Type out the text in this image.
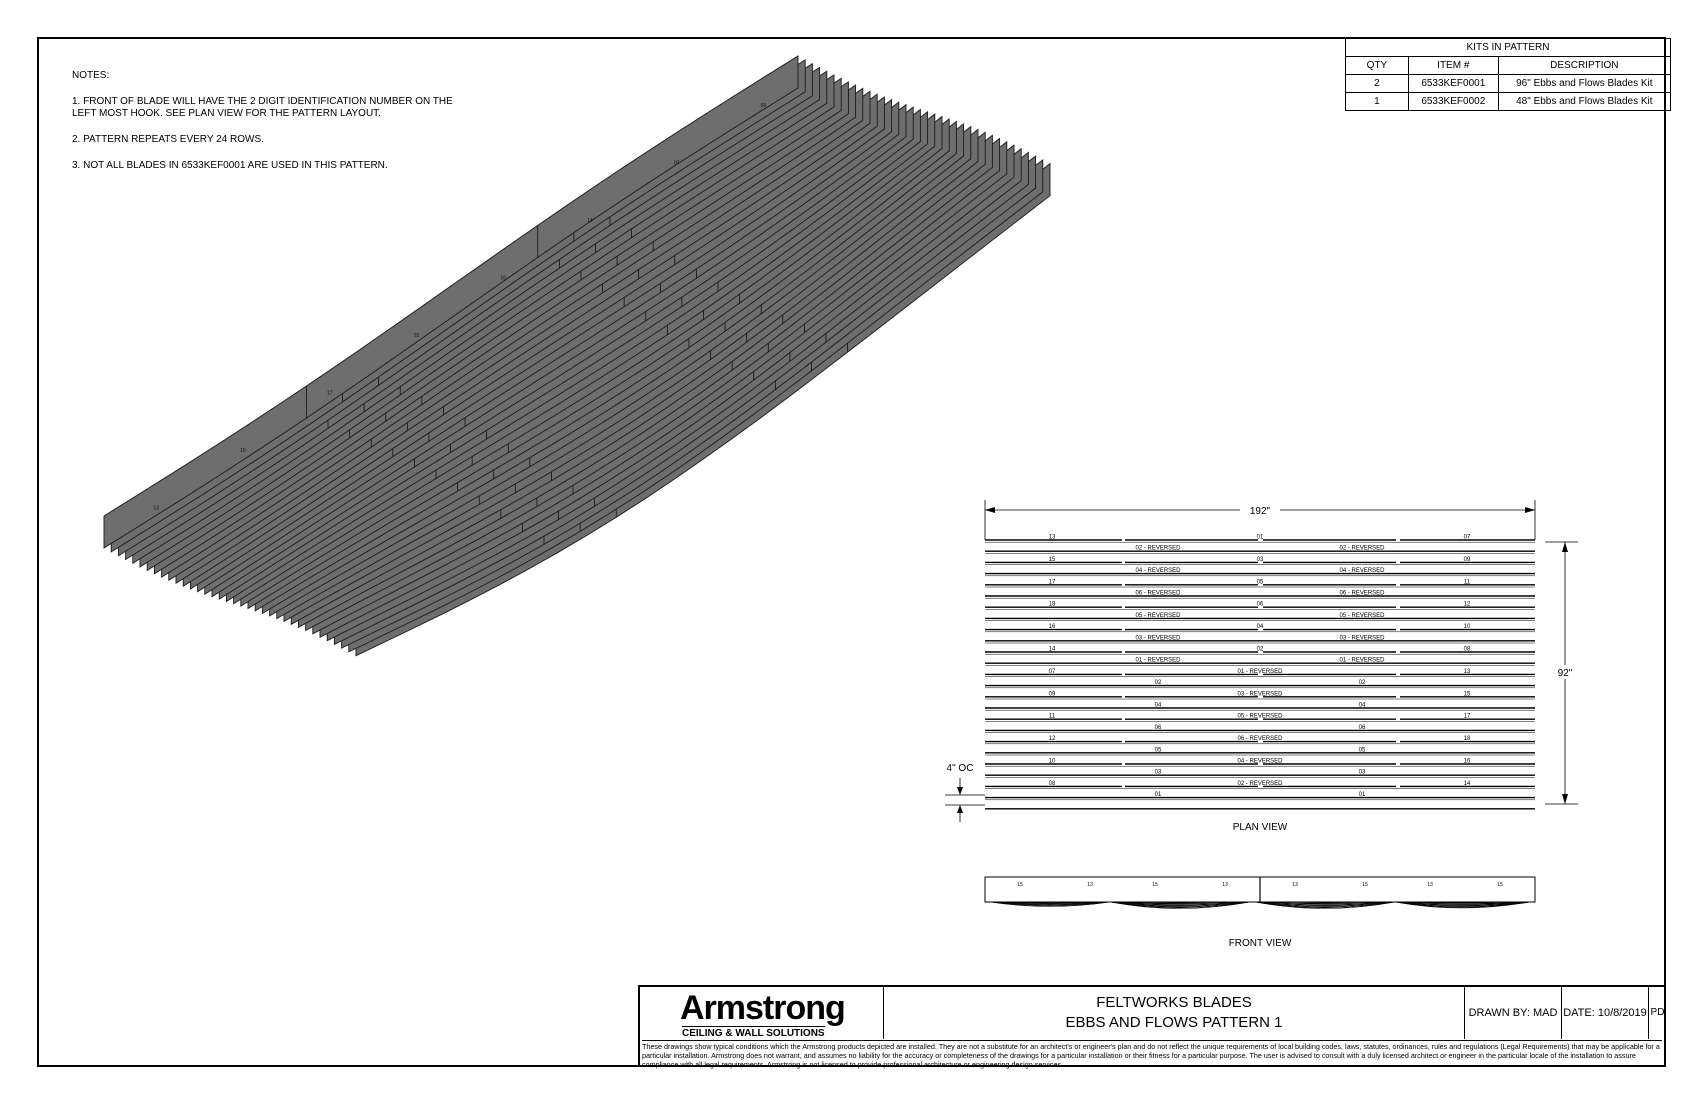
NOTES:
1. FRONT OF BLADE WILL HAVE THE 2 DIGIT IDENTIFICATION NUMBER ON THE
LEFT MOST HOOK. SEE PLAN VIEW FOR THE PATTERN LAYOUT.
2. PATTERN REPEATS EVERY 24 ROWS.
3. NOT ALL BLADES IN 6533KEF0001 ARE USED IN THIS PATTERN.
KITS IN PATTERN		
QTY	ITEM #	DESCRIPTION
2	6533KEF0001	96" Ebbs and Flows Blades Kit
1	6533KEF0002	48" Ebbs and Flows Blades Kit
13
15
17
18
16
14
07
09
192"
92"
4" OC
13	01	07
02 - REVERSED	02 - REVERSED
15	03	09
04 - REVERSED	04 - REVERSED
17	05	11
06 - REVERSED	06 - REVERSED
18	06	12
05 - REVERSED	05 - REVERSED
16	04	10
03 - REVERSED	03 - REVERSED
14	02	08
01 - REVERSED	01 - REVERSED
07	01 - REVERSED	13
02	02
09	03 - REVERSED	15
04	04
11	05 - REVERSED	17
06	06
12	06 - REVERSED	18
05	05
10	04 - REVERSED	16
03	03
08	02 - REVERSED	14
01	01
PLAN VIEW
15	13	15	13	13	15	13	15
FRONT VIEW
Armstrong
CEILING & WALL SOLUTIONS
FELTWORKS BLADES
EBBS AND FLOWS PATTERN 1
DRAWN BY: MAD DATE: 10/8/2019 PD
These drawings show typical conditions which the Armstrong products depicted are installed. They are not a substitute for an architect's or engineer's plan and do not reflect the unique requirements of local building codes, laws, statutes, ordinances, rules and regulations (Legal Requirements) that may be applicable for a particular installation. Armstrong does not warrant, and assumes no liability for the accuracy or completeness of the drawings for a particular installation or their fitness for a particular purpose. The user is advised to consult with a duly licensed architect or engineer in the particular locale of the installation to assure compliance with all legal requirements. Armstrong is not licensed to provide professional architecture or engineering design services.
